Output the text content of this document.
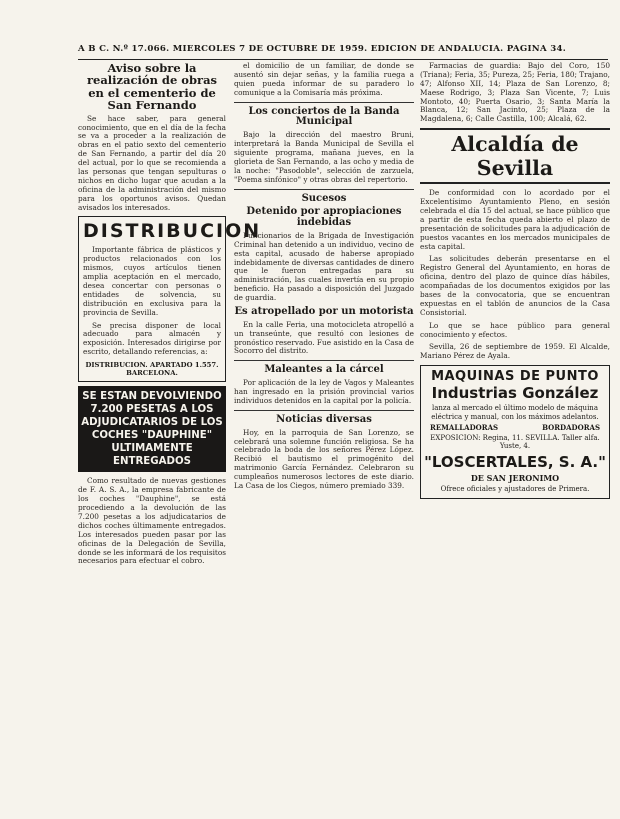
A B C. N.º 17.066. MIERCOLES 7 DE OCTUBRE DE 1959. EDICION DE ANDALUCIA. PAGINA 34.
Aviso sobre la realización de obras en el cementerio de San Fernando

Se hace saber, para general conocimiento, que en el día de la fecha se va a proceder a la realización de obras en el patio sexto del cementerio de San Fernando, a partir del día 20 del actual, por lo que se recomienda a las personas que tengan sepulturas o nichos en dicho lugar que acudan a la oficina de la administración del mismo para los oportunos avisos. Quedan avisados los interesados.

DISTRIBUCION

Importante fábrica de plásticos y productos relacionados con los mismos, cuyos artículos tienen amplia aceptación en el mercado, desea concertar con personas o entidades de solvencia, su distribución en exclusiva para la provincia de Sevilla.

Se precisa disponer de local adecuado para almacén y exposición. Interesados dirigirse por escrito, detallando referencias, a:

DISTRIBUCION. APARTADO 1.557. BARCELONA.
SE ESTAN DEVOLVIENDO 7.200 PESETAS A LOS ADJUDICATARIOS DE LOS COCHES "DAUPHINE" ULTIMAMENTE ENTREGADOS

Como resultado de nuevas gestiones de F. A. S. A., la empresa fabricante de los coches "Dauphine", se está procediendo a la devolución de las 7.200 pesetas a los adjudicatarios de dichos coches últimamente entregados. Los interesados pueden pasar por las oficinas de la Delegación de Sevilla, donde se les informará de los requisitos necesarios para efectuar el cobro.

el domicilio de un familiar, de donde se ausentó sin dejar señas, y la familia ruega a quien pueda informar de su paradero lo comunique a la Comisaría más próxima.

Los conciertos de la Banda Municipal

Bajo la dirección del maestro Bruni, interpretará la Banda Municipal de Sevilla el siguiente programa, mañana jueves, en la glorieta de San Fernando, a las ocho y media de la noche: "Pasodoble", selección de zarzuela, "Poema sinfónico" y otras obras del repertorio.

Sucesos
Detenido por apropiaciones indebidas

Funcionarios de la Brigada de Investigación Criminal han detenido a un individuo, vecino de esta capital, acusado de haberse apropiado indebidamente de diversas cantidades de dinero que le fueron entregadas para su administración, las cuales invertía en su propio beneficio. Ha pasado a disposición del Juzgado de guardia.

Es atropellado por un motorista

En la calle Feria, una motocicleta atropelló a un transeúnte, que resultó con lesiones de pronóstico reservado. Fue asistido en la Casa de Socorro del distrito.

Maleantes a la cárcel

Por aplicación de la ley de Vagos y Maleantes han ingresado en la prisión provincial varios individuos detenidos en la capital por la policía.

Noticias diversas

Hoy, en la parroquia de San Lorenzo, se celebrará una solemne función religiosa. Se ha celebrado la boda de los señores Pérez López. Recibió el bautismo el primogénito del matrimonio García Fernández. Celebraron su cumpleaños numerosos lectores de este diario. La Casa de los Ciegos, número premiado 339.

Farmacias de guardia: Bajo del Coro, 150 (Triana); Feria, 35; Pureza, 25; Feria, 180; Trajano, 47; Alfonso XII, 14; Plaza de San Lorenzo, 8; Maese Rodrigo, 3; Plaza San Vicente, 7; Luis Montoto, 40; Puerta Osario, 3; Santa María la Blanca, 12; San Jacinto, 25; Plaza de la Magdalena, 6; Calle Castilla, 100; Alcalá, 62.

Alcaldía de Sevilla

De conformidad con lo acordado por el Excelentísimo Ayuntamiento Pleno, en sesión celebrada el día 15 del actual, se hace público que a partir de esta fecha queda abierto el plazo de presentación de solicitudes para la adjudicación de puestos vacantes en los mercados municipales de esta capital.

Las solicitudes deberán presentarse en el Registro General del Ayuntamiento, en horas de oficina, dentro del plazo de quince días hábiles, acompañadas de los documentos exigidos por las bases de la convocatoria, que se encuentran expuestas en el tablón de anuncios de la Casa Consistorial.

Lo que se hace público para general conocimiento y efectos.

Sevilla, 26 de septiembre de 1959. El Alcalde, Mariano Pérez de Ayala.

MAQUINAS DE PUNTO
Industrias González
lanza al mercado el último modelo de máquina eléctrica y manual, con los máximos adelantos.
REMALLADORAS	BORDADORAS
EXPOSICION: Regina, 11. SEVILLA. Taller alfa. Yuste, 4.
"LOSCERTALES, S. A."
DE SAN JERONIMO
Ofrece oficiales y ajustadores de Primera.
